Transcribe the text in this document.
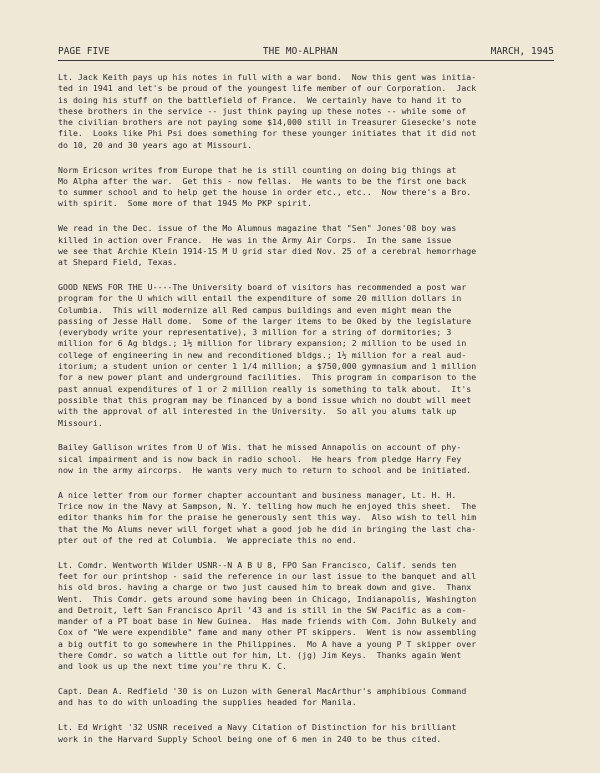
PAGE FIVE	THE MO-ALPHAN	MARCH, 1945
Lt. Jack Keith pays up his notes in full with a war bond.  Now this gent was initia-
ted in 1941 and let's be proud of the youngest life member of our Corporation.  Jack
is doing his stuff on the battlefield of France.  We certainly have to hand it to
these brothers in the service -- just think paying up these notes -- while some of
the civilian brothers are not paying some $14,000 still in Treasurer Giesecke's note
file.  Looks like Phi Psi does something for these younger initiates that it did not
do 10, 20 and 30 years ago at Missouri.
Norm Ericson writes from Europe that he is still counting on doing big things at
Mo Alpha after the war.  Get this - now fellas.  He wants to be the first one back
to summer school and to help get the house in order etc., etc..  Now there's a Bro.
with spirit.  Some more of that 1945 Mo PKP spirit.
We read in the Dec. issue of the Mo Alumnus magazine that "Sen" Jones'08 boy was
killed in action over France.  He was in the Army Air Corps.  In the same issue
we see that Archie Klein 1914-15 M U grid star died Nov. 25 of a cerebral hemorrhage
at Shepard Field, Texas.
GOOD NEWS FOR THE U----The University board of visitors has recommended a post war
program for the U which will entail the expenditure of some 20 million dollars in
Columbia.  This will modernize all Red campus buildings and even might mean the
passing of Jesse Hall dome.  Some of the larger items to be Oked by the legislature
(everybody write your representative), 3 million for a string of dormitories; 3
million for 6 Ag bldgs.; 1½ million for library expansion; 2 million to be used in
college of engineering in new and reconditioned bldgs.; 1½ million for a real aud-
itorium; a student union or center 1 1/4 million; a $750,000 gymnasium and 1 million
for a new power plant and underground facilities.  This program in comparison to the
past annual expenditures of 1 or 2 million really is something to talk about.  It's
possible that this program may be financed by a bond issue which no doubt will meet
with the approval of all interested in the University.  So all you alums talk up
Missouri.
Bailey Gallison writes from U of Wis. that he missed Annapolis on account of phy-
sical impairment and is now back in radio school.  He hears from pledge Harry Fey
now in the army aircorps.  He wants very much to return to school and be initiated.
A nice letter from our former chapter accountant and business manager, Lt. H. H.
Trice now in the Navy at Sampson, N. Y. telling how much he enjoyed this sheet.  The
editor thanks him for the praise he generously sent this way.  Also wish to tell him
that the Mo Alums never will forget what a good job he did in bringing the last cha-
pter out of the red at Columbia.  We appreciate this no end.
Lt. Comdr. Wentworth Wilder USNR--N A B U 8, FPO San Francisco, Calif. sends ten
feet for our printshop - said the reference in our last issue to the banquet and all
his old bros. having a charge or two just caused him to break down and give.  Thanx
Went.  This Comdr. gets around some having been in Chicago, Indianapolis, Washington
and Detroit, left San Francisco April '43 and is still in the SW Pacific as a com-
mander of a PT boat base in New Guinea.  Has made friends with Com. John Bulkely and
Cox of "We were expendible" fame and many other PT skippers.  Went is now assembling
a big outfit to go somewhere in the Philippines.  Mo A have a young P T skipper over
there Comdr. so watch a little out for him, Lt. (jg) Jim Keys.  Thanks again Went
and look us up the next time you're thru K. C.
Capt. Dean A. Redfield '30 is on Luzon with General MacArthur's amphibious Command
and has to do with unloading the supplies headed for Manila.
Lt. Ed Wright '32 USNR received a Navy Citation of Distinction for his brilliant
work in the Harvard Supply School being one of 6 men in 240 to be thus cited.
